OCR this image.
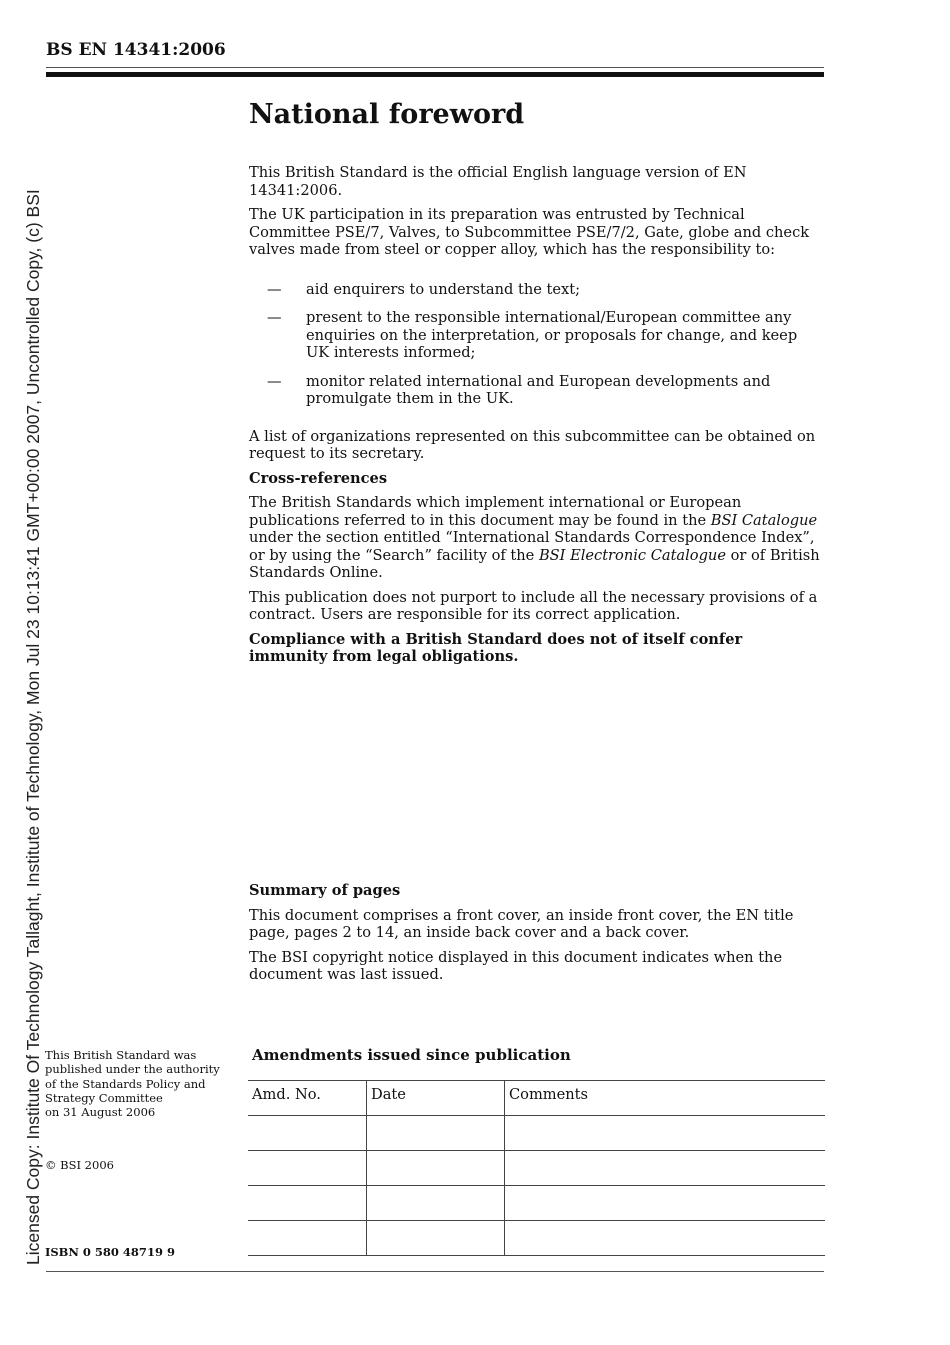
Licensed Copy: Institute Of Technology Tallaght, Institute of Technology, Mon Jul 23 10:13:41 GMT+00:00 2007, Uncontrolled Copy, (c) BSI
BS EN 14341:2006
National foreword

This British Standard is the official English language version of EN 14341:2006.

The UK participation in its preparation was entrusted by Technical Committee PSE/7, Valves, to Subcommittee PSE/7/2, Gate, globe and check valves made from steel or copper alloy, which has the responsibility to:

— aid enquirers to understand the text;
— present to the responsible international/European committee any enquiries on the interpretation, or proposals for change, and keep UK interests informed;
— monitor related international and European developments and promulgate them in the UK.

A list of organizations represented on this subcommittee can be obtained on request to its secretary.

Cross-references

The British Standards which implement international or European publications referred to in this document may be found in the BSI Catalogue under the section entitled “International Standards Correspondence Index”, or by using the “Search” facility of the BSI Electronic Catalogue or of British Standards Online.

This publication does not purport to include all the necessary provisions of a contract. Users are responsible for its correct application.

Compliance with a British Standard does not of itself confer immunity from legal obligations.

Summary of pages

This document comprises a front cover, an inside front cover, the EN title page, pages 2 to 14, an inside back cover and a back cover.

The BSI copyright notice displayed in this document indicates when the document was last issued.

This British Standard was

published under the authority

of the Standards Policy and

Strategy Committee

on 31 August 2006

© BSI 2006
ISBN 0 580 48719 9
Amendments issued since publication
Amd. No.	Date	Comments
